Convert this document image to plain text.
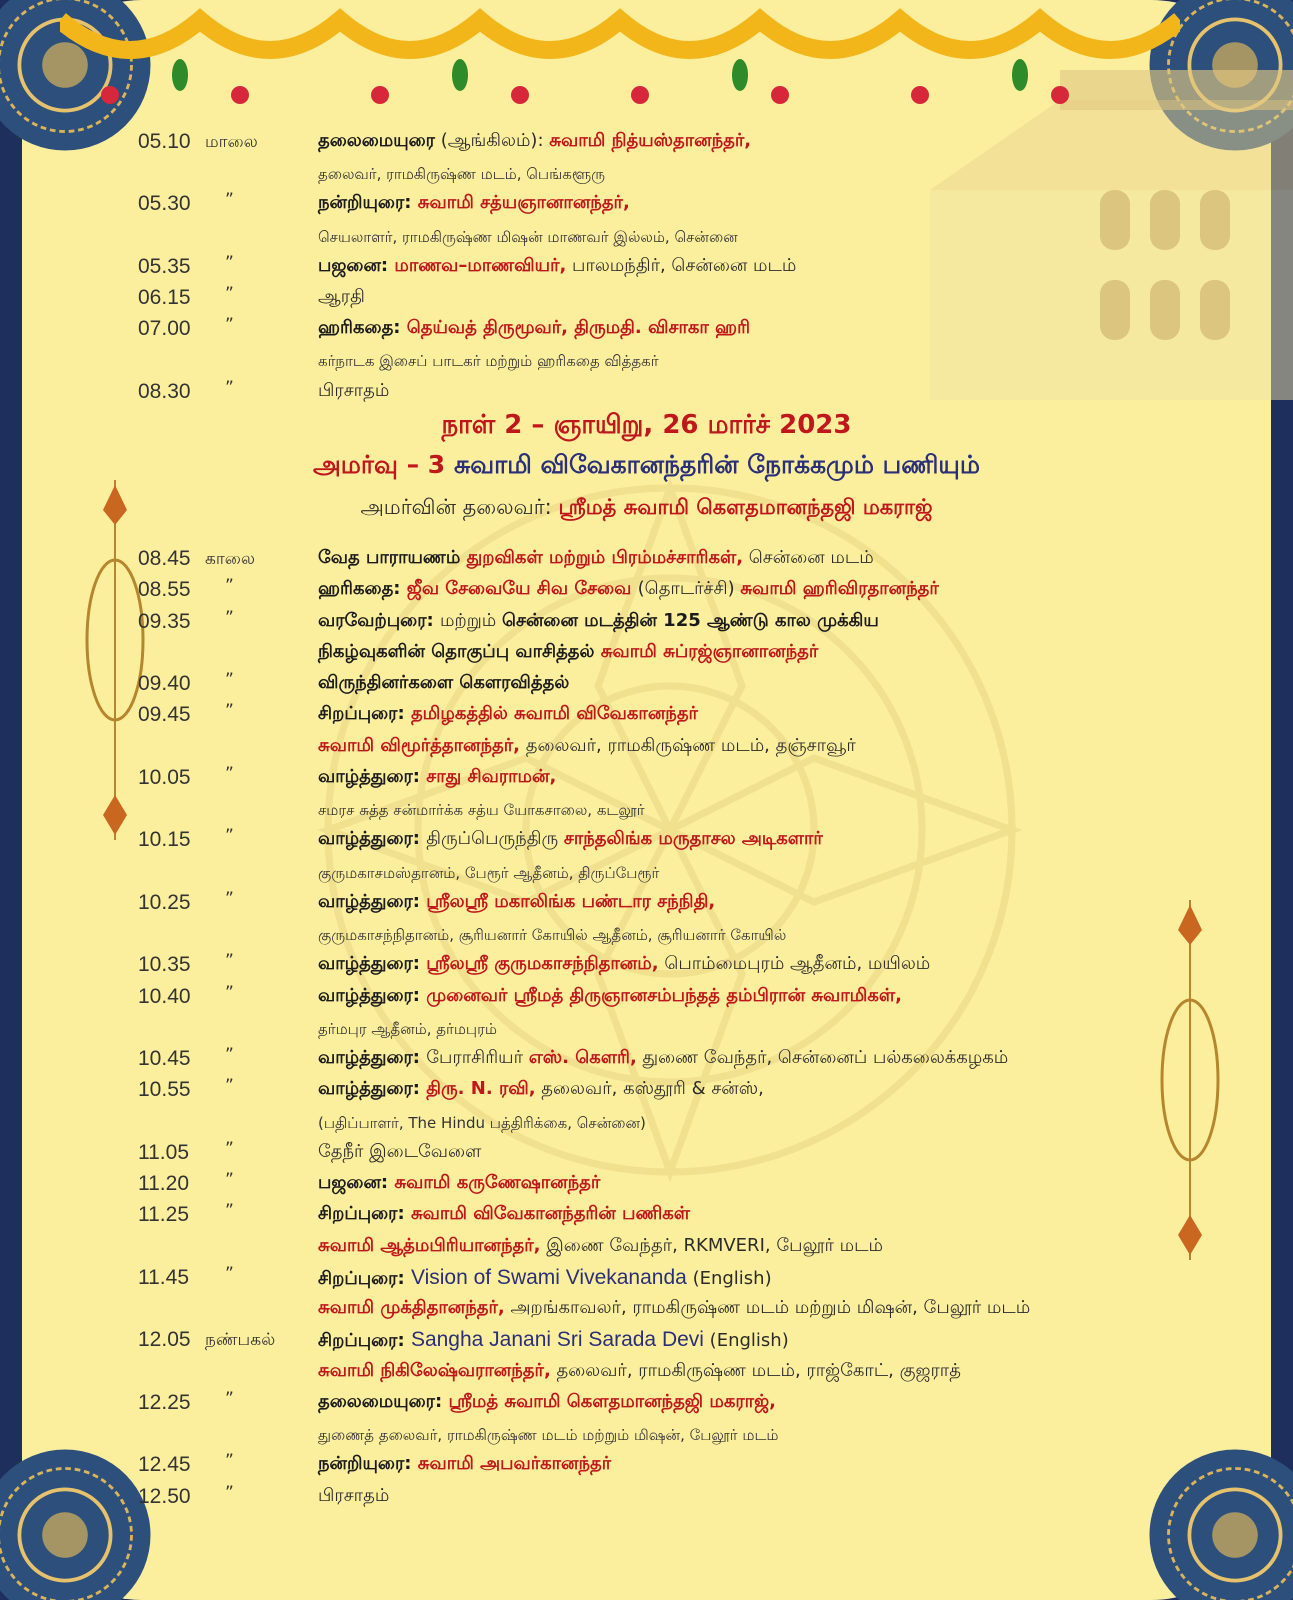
நாள் 2 – ஞாயிறு, 26 மார்ச் 2023
அமர்வு – 3 சுவாமி விவேகானந்தரின் நோக்கமும் பணியும்
அமர்வின் தலைவர்: ஸ்ரீமத் சுவாமி கௌதமானந்தஜி மகராஜ்
05.10 மாலை	தலைமையுரை (ஆங்கிலம்): சுவாமி நித்யஸ்தானந்தர்,
தலைவர், ராமகிருஷ்ண மடம், பெங்களூரு
05.30 ”	நன்றியுரை: சுவாமி சத்யஞானானந்தர்,
செயலாளர், ராமகிருஷ்ண மிஷன் மாணவர் இல்லம், சென்னை
05.35 ”	பஜனை: மாணவ–மாணவியர், பாலமந்திர், சென்னை மடம்
06.15 ”	ஆரதி
07.00 ”	ஹரிகதை: தெய்வத் திருமூவர், திருமதி. விசாகா ஹரி
கர்நாடக இசைப் பாடகர் மற்றும் ஹரிகதை வித்தகர்
08.30 ”	பிரசாதம்
08.45 காலை	வேத பாராயணம் துறவிகள் மற்றும் பிரம்மச்சாரிகள், சென்னை மடம்
08.55 ”	ஹரிகதை: ஜீவ சேவையே சிவ சேவை (தொடர்ச்சி) சுவாமி ஹரிவிரதானந்தர்
09.35 ”	வரவேற்புரை: மற்றும் சென்னை மடத்தின் 125 ஆண்டு கால முக்கிய
நிகழ்வுகளின் தொகுப்பு வாசித்தல் சுவாமி சுப்ரஜ்ஞானானந்தர்
09.40 ”	விருந்தினர்களை கௌரவித்தல்
09.45 ”	சிறப்புரை: தமிழகத்தில் சுவாமி விவேகானந்தர்
சுவாமி விமூர்த்தானந்தர், தலைவர், ராமகிருஷ்ண மடம், தஞ்சாவூர்
10.05 ”	வாழ்த்துரை: சாது சிவராமன்,
சமரச சுத்த சன்மார்க்க சத்ய யோகசாலை, கடலூர்
10.15 ”	வாழ்த்துரை: திருப்பெருந்திரு சாந்தலிங்க மருதாசல அடிகளார்
குருமகாசமஸ்தானம், பேரூர் ஆதீனம், திருப்பேரூர்
10.25 ”	வாழ்த்துரை: ஸ்ரீலஸ்ரீ மகாலிங்க பண்டார சந்நிதி,
குருமகாசந்நிதானம், சூரியனார் கோயில் ஆதீனம், சூரியனார் கோயில்
10.35 ”	வாழ்த்துரை: ஸ்ரீலஸ்ரீ குருமகாசந்நிதானம், பொம்மைபுரம் ஆதீனம், மயிலம்
10.40 ”	வாழ்த்துரை: முனைவர் ஸ்ரீமத் திருஞானசம்பந்தத் தம்பிரான் சுவாமிகள்,
தர்மபுர ஆதீனம், தர்மபுரம்
10.45 ”	வாழ்த்துரை: பேராசிரியர் எஸ். கௌரி, துணை வேந்தர், சென்னைப் பல்கலைக்கழகம்
10.55 ”	வாழ்த்துரை: திரு. N. ரவி, தலைவர், கஸ்தூரி & சன்ஸ்,
(பதிப்பாளர், The Hindu பத்திரிக்கை, சென்னை)
11.05 ”	தேநீர் இடைவேளை
11.20 ”	பஜனை: சுவாமி கருணேஷானந்தர்
11.25 ”	சிறப்புரை: சுவாமி விவேகானந்தரின் பணிகள்
சுவாமி ஆத்மபிரியானந்தர், இணை வேந்தர், RKMVERI, பேலூர் மடம்
11.45 ”	சிறப்புரை: Vision of Swami Vivekananda (English)
சுவாமி முக்திதானந்தர், அறங்காவலர், ராமகிருஷ்ண மடம் மற்றும் மிஷன், பேலூர் மடம்
12.05 நண்பகல் சிறப்புரை: Sangha Janani Sri Sarada Devi (English)
சுவாமி நிகிலேஷ்வரானந்தர், தலைவர், ராமகிருஷ்ண மடம், ராஜ்கோட், குஜராத்
12.25 ”	தலைமையுரை: ஸ்ரீமத் சுவாமி கௌதமானந்தஜி மகராஜ்,
துணைத் தலைவர், ராமகிருஷ்ண மடம் மற்றும் மிஷன், பேலூர் மடம்
12.45 ”	நன்றியுரை: சுவாமி அபவர்கானந்தர்
12.50 ”	பிரசாதம்
